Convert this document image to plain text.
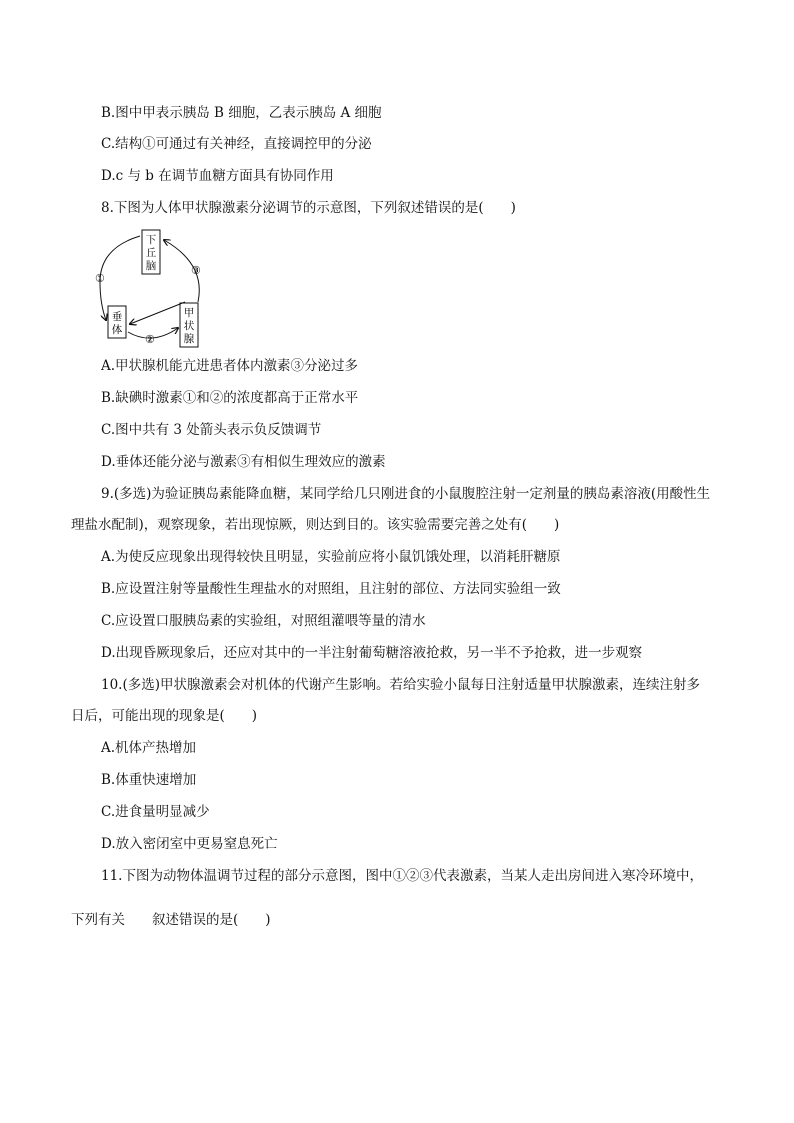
B.图中甲表示胰岛 B 细胞，乙表示胰岛 A 细胞
C.结构①可通过有关神经，直接调控甲的分泌
D.c 与 b 在调节血糖方面具有协同作用
8.下图为人体甲状腺激素分泌调节的示意图，下列叙述错误的是(　　)
下
丘
脑
垂
体
甲
状
腺
①
②
③
A.甲状腺机能亢进患者体内激素③分泌过多
B.缺碘时激素①和②的浓度都高于正常水平
C.图中共有 3 处箭头表示负反馈调节
D.垂体还能分泌与激素③有相似生理效应的激素
9.(多选)为验证胰岛素能降血糖，某同学给几只刚进食的小鼠腹腔注射一定剂量的胰岛素溶液(用酸性生
理盐水配制)，观察现象，若出现惊厥，则达到目的。该实验需要完善之处有(　　)
A.为使反应现象出现得较快且明显，实验前应将小鼠饥饿处理，以消耗肝糖原
B.应设置注射等量酸性生理盐水的对照组，且注射的部位、方法同实验组一致
C.应设置口服胰岛素的实验组，对照组灌喂等量的清水
D.出现昏厥现象后，还应对其中的一半注射葡萄糖溶液抢救，另一半不予抢救，进一步观察
10.(多选)甲状腺激素会对机体的代谢产生影响。若给实验小鼠每日注射适量甲状腺激素，连续注射多
日后，可能出现的现象是(　　)
A.机体产热增加
B.体重快速增加
C.进食量明显减少
D.放入密闭室中更易窒息死亡
11.下图为动物体温调节过程的部分示意图，图中①②③代表激素，当某人走出房间进入寒冷环境中，
下列有关　　叙述错误的是(　　)
